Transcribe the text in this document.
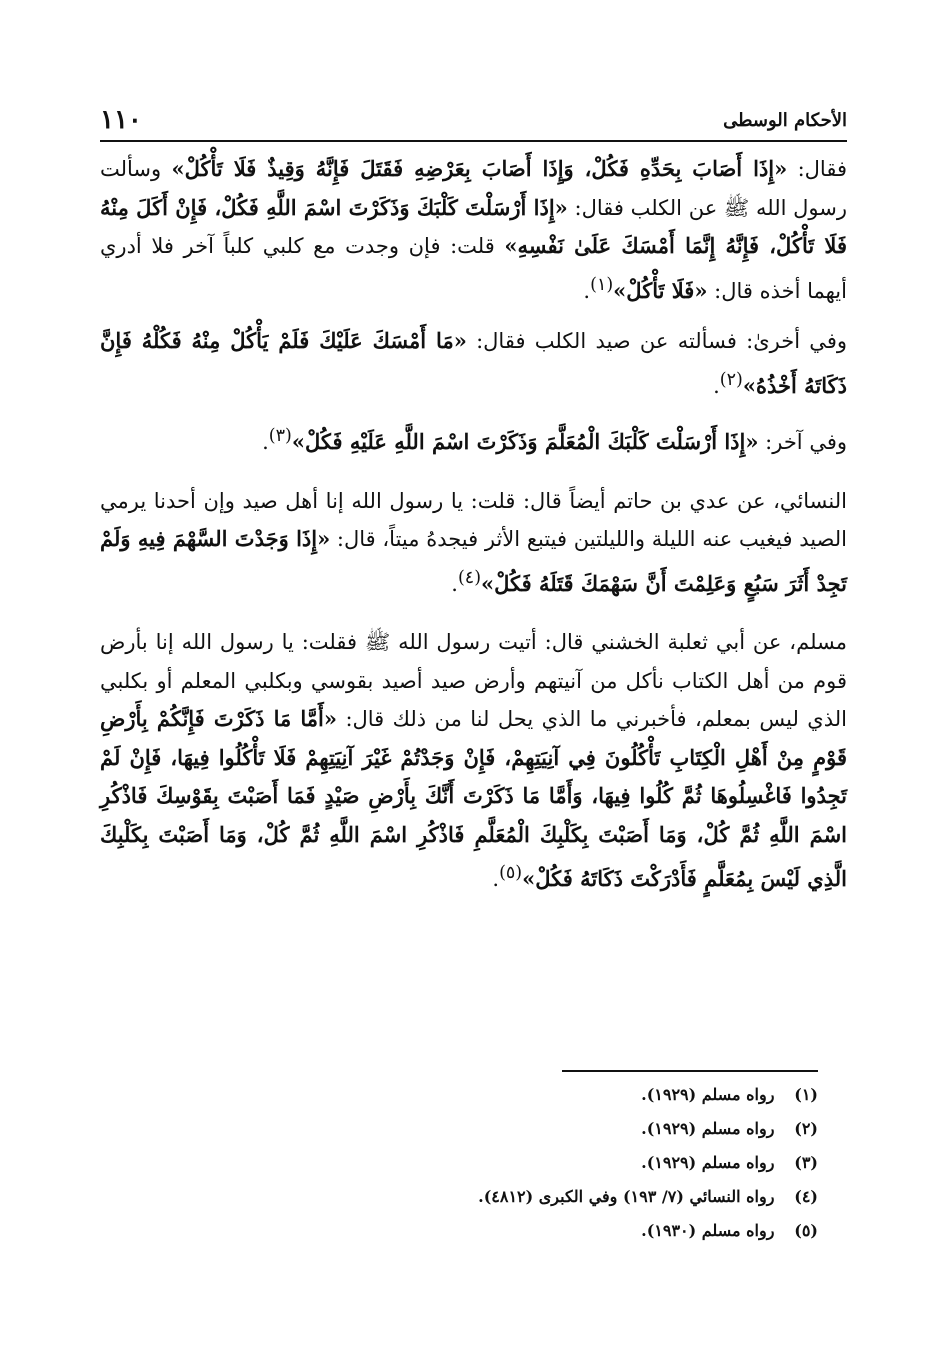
١١٠	الأحكام الوسطى

فقال: «إِذَا أَصَابَ بِحَدِّهِ فَكُلْ، وَإِذَا أَصَابَ بِعَرْضِهِ فَقَتَلَ فَإِنَّهُ وَقِيذٌ فَلَا تَأْكُلْ» وسألت رسول الله ﷺ عن الكلب فقال: «إِذَا أَرْسَلْتَ كَلْبَكَ وَذَكَرْتَ اسْمَ اللَّهِ فَكُلْ، فَإِنْ أَكَلَ مِنْهُ فَلَا تَأْكُلْ، فَإِنَّهُ إِنَّمَا أَمْسَكَ عَلَىٰ نَفْسِهِ» قلت: فإن وجدت مع كلبي كلباً آخر فلا أدري أيهما أخذه قال: «فَلَا تَأْكُلْ»$^{(١)}$.

وفي أخرىٰ: فسألته عن صيد الكلب فقال: «مَا أَمْسَكَ عَلَيْكَ فَلَمْ يَأْكُلْ مِنْهُ فَكُلْهُ فَإِنَّ ذَكَاتَهُ أَخْذُهُ»$^{(٢)}$.

وفي آخر: «إِذَا أَرْسَلْتَ كَلْبَكَ الْمُعَلَّمَ وَذَكَرْتَ اسْمَ اللَّهِ عَلَيْهِ فَكُلْ»$^{(٣)}$.

النسائي، عن عدي بن حاتم أيضاً قال: قلت: يا رسول الله إنا أهل صيد وإن أحدنا يرمي الصيد فيغيب عنه الليلة والليلتين فيتبع الأثر فيجدهُ ميتاً، قال: «إِذَا وَجَدْتَ السَّهْمَ فِيهِ وَلَمْ تَجِدْ أَثَرَ سَبُعٍ وَعَلِمْتَ أَنَّ سَهْمَكَ قَتَلَهُ فَكُلْ»$^{(٤)}$.

مسلم، عن أبي ثعلبة الخشني قال: أتيت رسول الله ﷺ فقلت: يا رسول الله إنا بأرض قوم من أهل الكتاب نأكل من آنيتهم وأرض صيد أصيد بقوسي وبكلبي المعلم أو بكلبي الذي ليس بمعلم، فأخبرني ما الذي يحل لنا من ذلك قال: «أَمَّا مَا ذَكَرْتَ فَإِنَّكُمْ بِأَرْضِ قَوْمٍ مِنْ أَهْلِ الْكِتَابِ تَأْكُلُونَ فِي آنِيَتِهِمْ، فَإِنْ وَجَدْتُمْ غَيْرَ آنِيَتِهِمْ فَلَا تَأْكُلُوا فِيهَا، فَإِنْ لَمْ تَجِدُوا فَاغْسِلُوهَا ثُمَّ كُلُوا فِيهَا، وَأَمَّا مَا ذَكَرْتَ أَنَّكَ بِأَرْضِ صَيْدٍ فَمَا أَصَبْتَ بِقَوْسِكَ فَاذْكُرِ اسْمَ اللَّهِ ثُمَّ كُلْ، وَمَا أَصَبْتَ بِكَلْبِكَ الْمُعَلَّمِ فَاذْكُرِ اسْمَ اللَّهِ ثُمَّ كُلْ، وَمَا أَصَبْتَ بِكَلْبِكَ الَّذِي لَيْسَ بِمُعَلَّمٍ فَأَدْرَكْتَ ذَكَاتَهُ فَكُلْ»$^{(٥)}$.

(١) رواه مسلم (١٩٢٩).
(٢) رواه مسلم (١٩٢٩).
(٣) رواه مسلم (١٩٢٩).
(٤) رواه النسائي (٧/ ١٩٣) وفي الكبرى (٤٨١٢).
(٥) رواه مسلم (١٩٣٠).
